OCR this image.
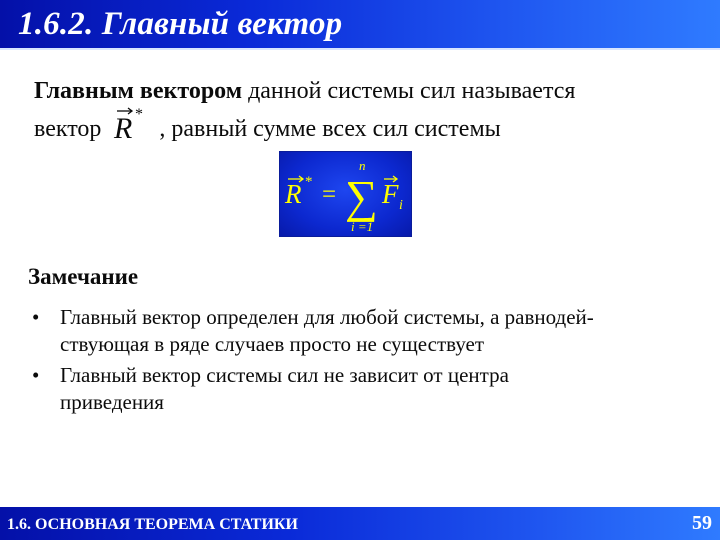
1.6.2. Главный вектор
Главным вектором данной системы сил называется
вектор R *
, равный сумме всех сил системы
R * =
n
∑
i =1
F i
Замечание
• Главный вектор определен для любой системы, а равнодей-
ствующая в ряде случаев просто не существует
• Главный вектор системы сил не зависит от центра
приведения
1.6. ОСНОВНАЯ ТЕОРЕМА СТАТИКИ	59
